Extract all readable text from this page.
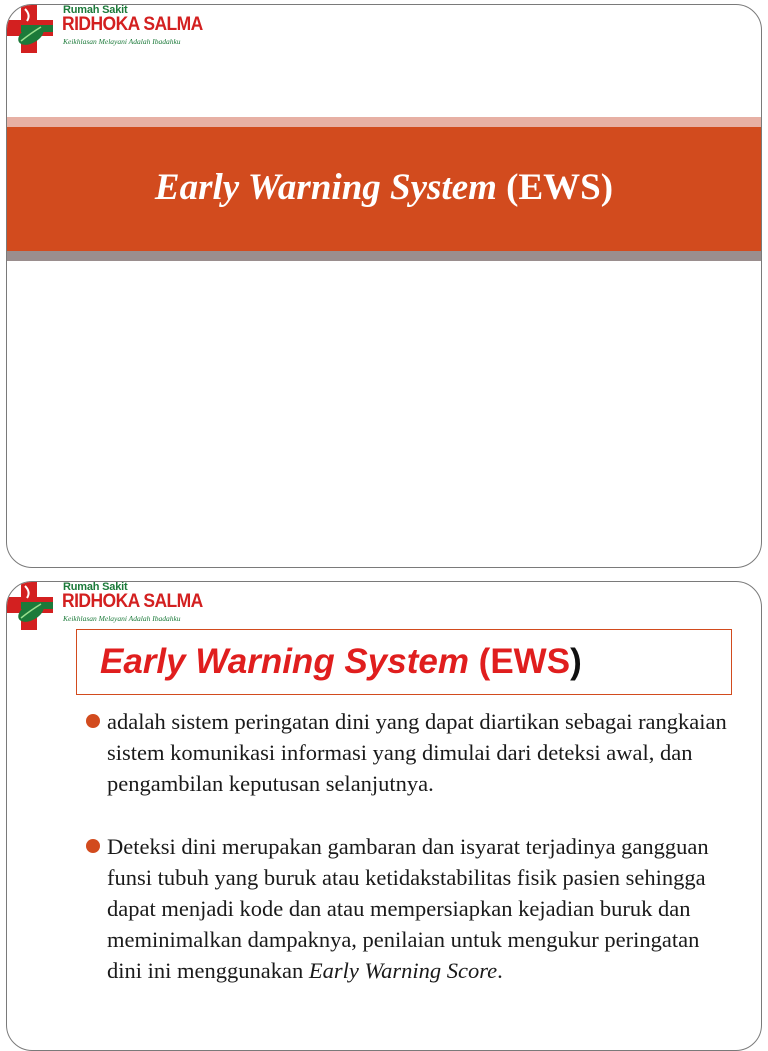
Rumah Sakit
RIDHOKA SALMA
Keikhlasan Melayani Adalah Ibadahku
Early Warning System (EWS)
Rumah Sakit
RIDHOKA SALMA
Keikhlasan Melayani Adalah Ibadahku
Early Warning System
( EWS )
adalah sistem peringatan dini yang dapat diartikan sebagai rangkaian sistem komunikasi informasi yang dimulai dari deteksi awal, dan pengambilan keputusan selanjutnya.
Deteksi dini merupakan gambaran dan isyarat terjadinya gangguan funsi tubuh yang buruk atau ketidakstabilitas fisik pasien sehingga dapat menjadi kode dan atau mempersiapkan kejadian buruk dan meminimalkan dampaknya, penilaian untuk mengukur peringatan dini ini menggunakan Early Warning Score.
